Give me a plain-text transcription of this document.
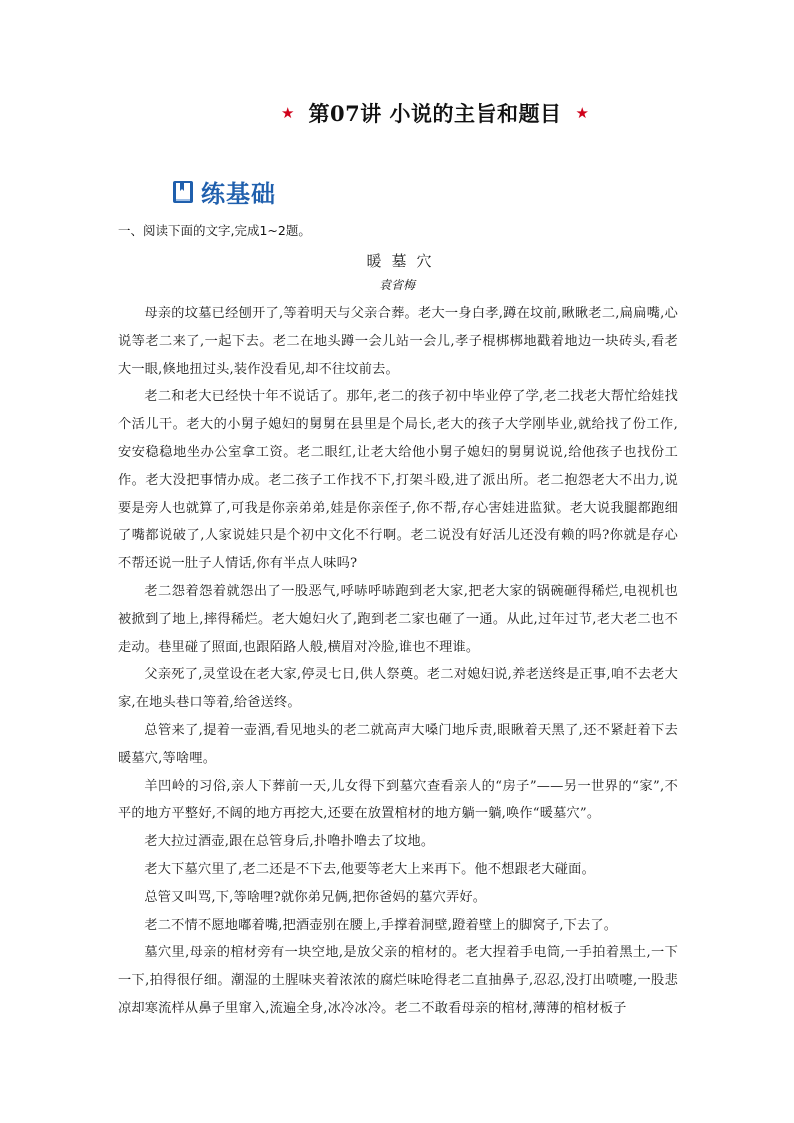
★ 第07讲 小说的主旨和题目 ★
练基础
一、阅读下面的文字,完成1~2题。
暖墓穴
袁省梅

母亲的坟墓已经刨开了,等着明天与父亲合葬。老大一身白孝,蹲在坟前,瞅瞅老二,扁扁嘴,心说等老二来了,一起下去。老二在地头蹲一会儿站一会儿,孝子棍梆梆地戳着地边一块砖头,看老大一眼,倏地扭过头,装作没看见,却不往坟前去。

老二和老大已经快十年不说话了。那年,老二的孩子初中毕业停了学,老二找老大帮忙给娃找个活儿干。老大的小舅子媳妇的舅舅在县里是个局长,老大的孩子大学刚毕业,就给找了份工作,安安稳稳地坐办公室拿工资。老二眼红,让老大给他小舅子媳妇的舅舅说说,给他孩子也找份工作。老大没把事情办成。老二孩子工作找不下,打架斗殴,进了派出所。老二抱怨老大不出力,说要是旁人也就算了,可我是你亲弟弟,娃是你亲侄子,你不帮,存心害娃进监狱。老大说我腿都跑细了嘴都说破了,人家说娃只是个初中文化不行啊。老二说没有好活儿还没有赖的吗?你就是存心不帮还说一肚子人情话,你有半点人味吗?

老二怨着怨着就怨出了一股恶气,呼哧呼哧跑到老大家,把老大家的锅碗砸得稀烂,电视机也被掀到了地上,摔得稀烂。老大媳妇火了,跑到老二家也砸了一通。从此,过年过节,老大老二也不走动。巷里碰了照面,也跟陌路人般,横眉对冷脸,谁也不理谁。

父亲死了,灵堂设在老大家,停灵七日,供人祭奠。老二对媳妇说,养老送终是正事,咱不去老大家,在地头巷口等着,给爸送终。

总管来了,提着一壶酒,看见地头的老二就高声大嗓门地斥责,眼瞅着天黑了,还不紧赶着下去暖墓穴,等啥哩。

羊凹岭的习俗,亲人下葬前一天,儿女得下到墓穴查看亲人的“房子”——另一世界的“家”,不平的地方平整好,不阔的地方再挖大,还要在放置棺材的地方躺一躺,唤作“暖墓穴”。

老大拉过酒壶,跟在总管身后,扑噜扑噜去了坟地。

老大下墓穴里了,老二还是不下去,他要等老大上来再下。他不想跟老大碰面。

总管又叫骂,下,等啥哩?就你弟兄俩,把你爸妈的墓穴弄好。

老二不情不愿地嘟着嘴,把酒壶别在腰上,手撑着洞壁,蹬着壁上的脚窝子,下去了。

墓穴里,母亲的棺材旁有一块空地,是放父亲的棺材的。老大捏着手电筒,一手拍着黑土,一下一下,拍得很仔细。潮湿的土腥味夹着浓浓的腐烂味呛得老二直抽鼻子,忍忍,没打出喷嚏,一股悲凉却寒流样从鼻子里窜入,流遍全身,冰冷冰冷。老二不敢看母亲的棺材,薄薄的棺材板子
